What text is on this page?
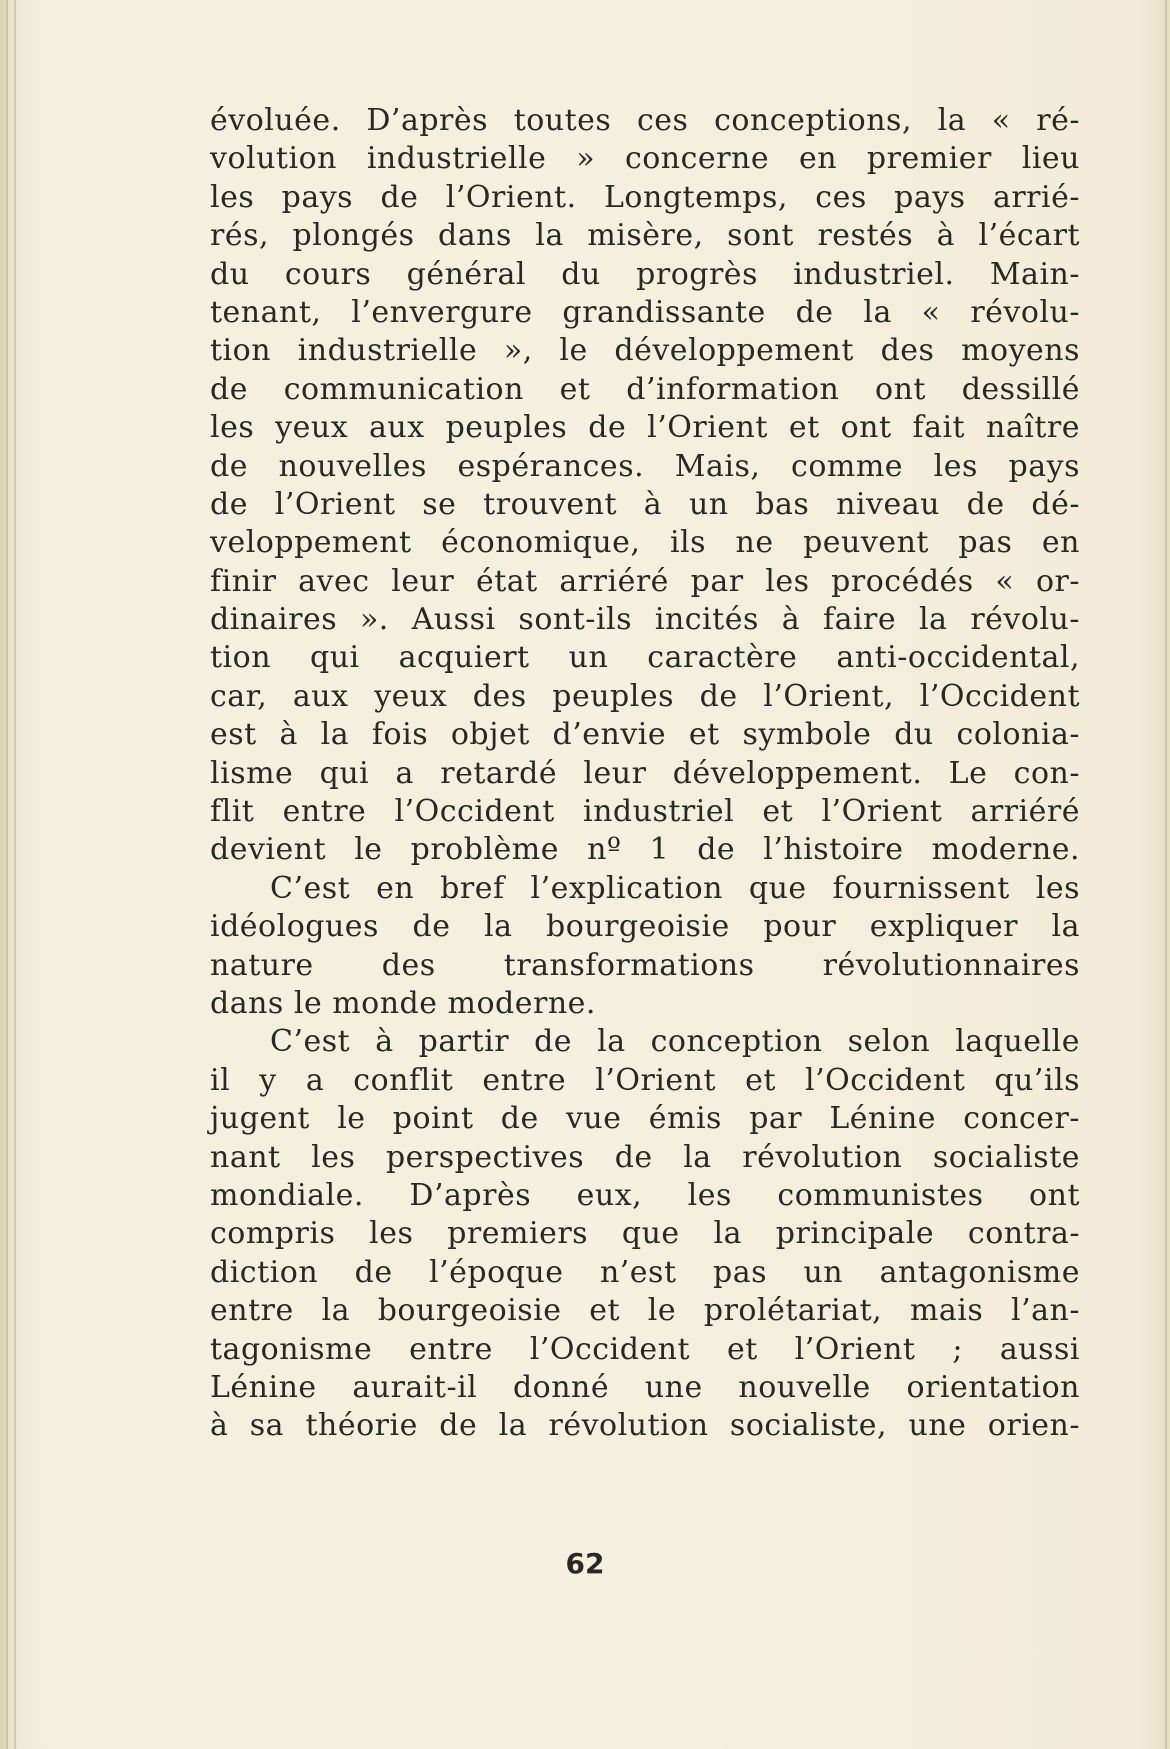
évoluée. D’après toutes ces conceptions, la « ré-
volution industrielle » concerne en premier lieu
les pays de l’Orient. Longtemps, ces pays arrié-
rés, plongés dans la misère, sont restés à l’écart
du cours général du progrès industriel. Main-
tenant, l’envergure grandissante de la « révolu-
tion industrielle », le développement des moyens
de communication et d’information ont dessillé
les yeux aux peuples de l’Orient et ont fait naître
de nouvelles espérances. Mais, comme les pays
de l’Orient se trouvent à un bas niveau de dé-
veloppement économique, ils ne peuvent pas en
finir avec leur état arriéré par les procédés « or-
dinaires ». Aussi sont-ils incités à faire la révolu-
tion qui acquiert un caractère anti-occidental,
car, aux yeux des peuples de l’Orient, l’Occident
est à la fois objet d’envie et symbole du colonia-
lisme qui a retardé leur développement. Le con-
flit entre l’Occident industriel et l’Orient arriéré
devient le problème nº 1 de l’histoire moderne.
C’est en bref l’explication que fournissent les
idéologues de la bourgeoisie pour expliquer la
nature des transformations révolutionnaires
dans le monde moderne.
C’est à partir de la conception selon laquelle
il y a conflit entre l’Orient et l’Occident qu’ils
jugent le point de vue émis par Lénine concer-
nant les perspectives de la révolution socialiste
mondiale. D’après eux, les communistes ont
compris les premiers que la principale contra-
diction de l’époque n’est pas un antagonisme
entre la bourgeoisie et le prolétariat, mais l’an-
tagonisme entre l’Occident et l’Orient ; aussi
Lénine aurait-il donné une nouvelle orientation
à sa théorie de la révolution socialiste, une orien-
62
